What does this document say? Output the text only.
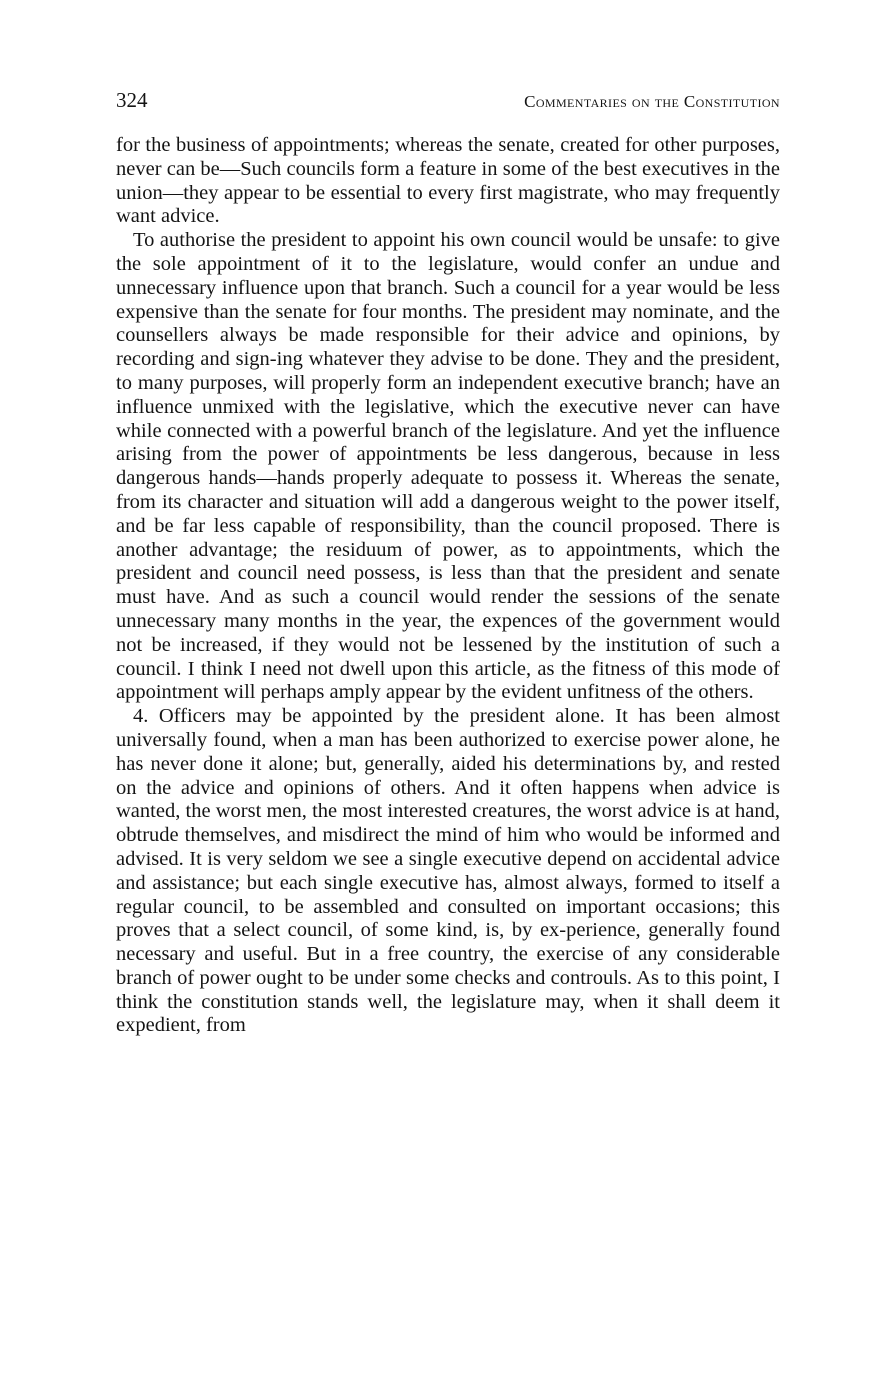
324	Commentaries on the Constitution

for the business of appointments; whereas the senate, created for other purposes, never can be—Such councils form a feature in some of the best executives in the union—they appear to be essential to every first magistrate, who may frequently want advice.

To authorise the president to appoint his own council would be unsafe: to give the sole appointment of it to the legislature, would confer an undue and unnecessary influence upon that branch. Such a council for a year would be less expensive than the senate for four months. The president may nominate, and the counsellers always be made responsible for their advice and opinions, by recording and sign-ing whatever they advise to be done. They and the president, to many purposes, will properly form an independent executive branch; have an influence unmixed with the legislative, which the executive never can have while connected with a powerful branch of the legislature. And yet the influence arising from the power of appointments be less dangerous, because in less dangerous hands—hands properly adequate to possess it. Whereas the senate, from its character and situation will add a dangerous weight to the power itself, and be far less capable of responsibility, than the council proposed. There is another advantage; the residuum of power, as to appointments, which the president and council need possess, is less than that the president and senate must have. And as such a council would render the sessions of the senate unnecessary many months in the year, the expences of the government would not be increased, if they would not be lessened by the institution of such a council. I think I need not dwell upon this article, as the fitness of this mode of appointment will perhaps amply appear by the evident unfitness of the others.

4. Officers may be appointed by the president alone. It has been almost universally found, when a man has been authorized to exercise power alone, he has never done it alone; but, generally, aided his determinations by, and rested on the advice and opinions of others. And it often happens when advice is wanted, the worst men, the most interested creatures, the worst advice is at hand, obtrude themselves, and misdirect the mind of him who would be informed and advised. It is very seldom we see a single executive depend on accidental advice and assistance; but each single executive has, almost always, formed to itself a regular council, to be assembled and consulted on important occasions; this proves that a select council, of some kind, is, by ex-perience, generally found necessary and useful. But in a free country, the exercise of any considerable branch of power ought to be under some checks and controuls. As to this point, I think the constitution stands well, the legislature may, when it shall deem it expedient, from
